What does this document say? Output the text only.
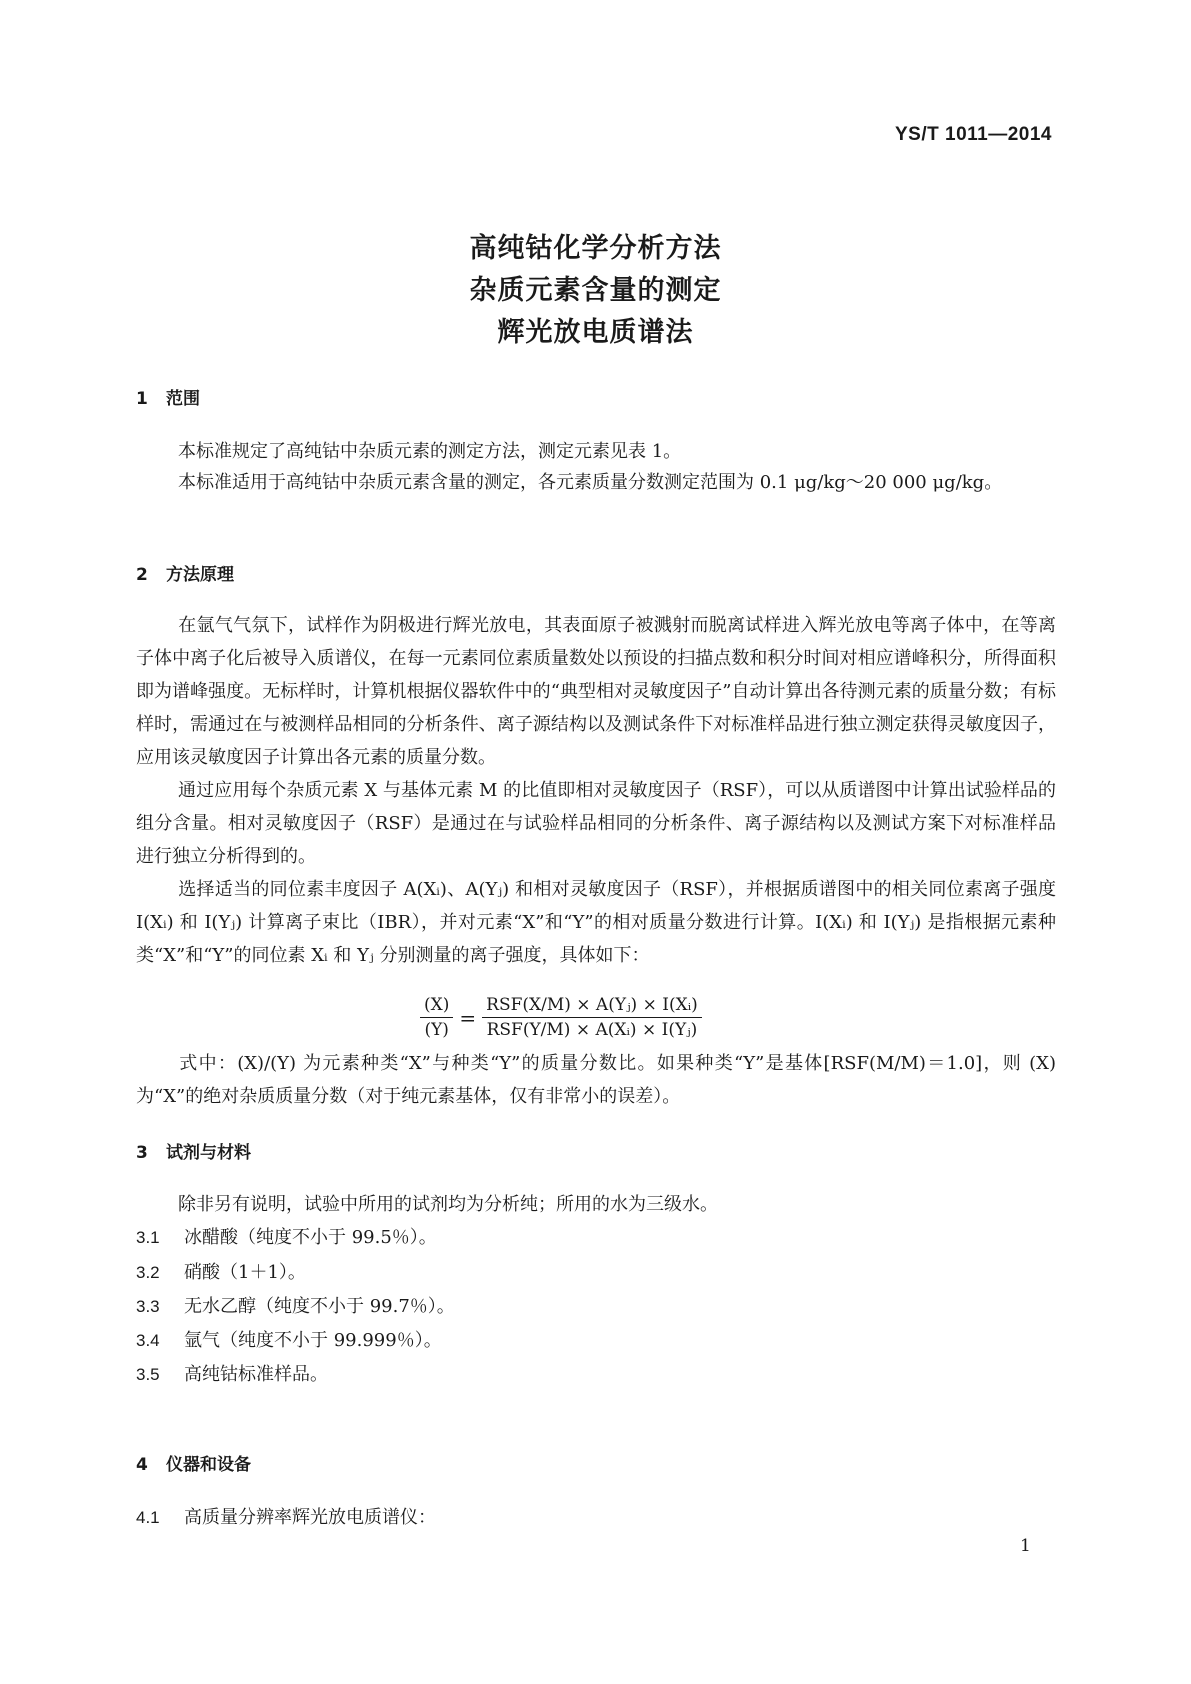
YS/T 1011—2014
高纯钴化学分析方法
杂质元素含量的测定
辉光放电质谱法
1 范围
本标准规定了高纯钴中杂质元素的测定方法，测定元素见表 1。
本标准适用于高纯钴中杂质元素含量的测定，各元素质量分数测定范围为 0.1 μg/kg～20 000 μg/kg。
2 方法原理
在氩气气氛下，试样作为阴极进行辉光放电，其表面原子被溅射而脱离试样进入辉光放电等离子体中，在等离子体中离子化后被导入质谱仪，在每一元素同位素质量数处以预设的扫描点数和积分时间对相应谱峰积分，所得面积即为谱峰强度。无标样时，计算机根据仪器软件中的“典型相对灵敏度因子”自动计算出各待测元素的质量分数；有标样时，需通过在与被测样品相同的分析条件、离子源结构以及测试条件下对标准样品进行独立测定获得灵敏度因子，应用该灵敏度因子计算出各元素的质量分数。
通过应用每个杂质元素 X 与基体元素 M 的比值即相对灵敏度因子（RSF），可以从质谱图中计算出试验样品的组分含量。相对灵敏度因子（RSF）是通过在与试验样品相同的分析条件、离子源结构以及测试方案下对标准样品进行独立分析得到的。
选择适当的同位素丰度因子 A(Xᵢ)、A(Yⱼ) 和相对灵敏度因子（RSF），并根据质谱图中的相关同位素离子强度 I(Xᵢ) 和 I(Yⱼ) 计算离子束比（IBR），并对元素“X”和“Y”的相对质量分数进行计算。I(Xᵢ) 和 I(Yⱼ) 是指根据元素种类“X”和“Y”的同位素 Xᵢ 和 Yⱼ 分别测量的离子强度，具体如下：
$\frac{(X)}{(Y)} = \frac{\text{RSF(X/M) × A(Yⱼ) × I(Xᵢ)}}{\text{RSF(Y/M) × A(Xᵢ) × I(Yⱼ)}}$
式中：(X)/(Y) 为元素种类“X”与种类“Y”的质量分数比。如果种类“Y”是基体[RSF(M/M)＝1.0]，则 (X) 为“X”的绝对杂质质量分数（对于纯元素基体，仅有非常小的误差）。
3 试剂与材料
除非另有说明，试验中所用的试剂均为分析纯；所用的水为三级水。
3.1 冰醋酸（纯度不小于 99.5％）。
3.2 硝酸（1＋1）。
3.3 无水乙醇（纯度不小于 99.7％）。
3.4 氩气（纯度不小于 99.999％）。
3.5 高纯钴标准样品。
4 仪器和设备
4.1 高质量分辨率辉光放电质谱仪：
1
